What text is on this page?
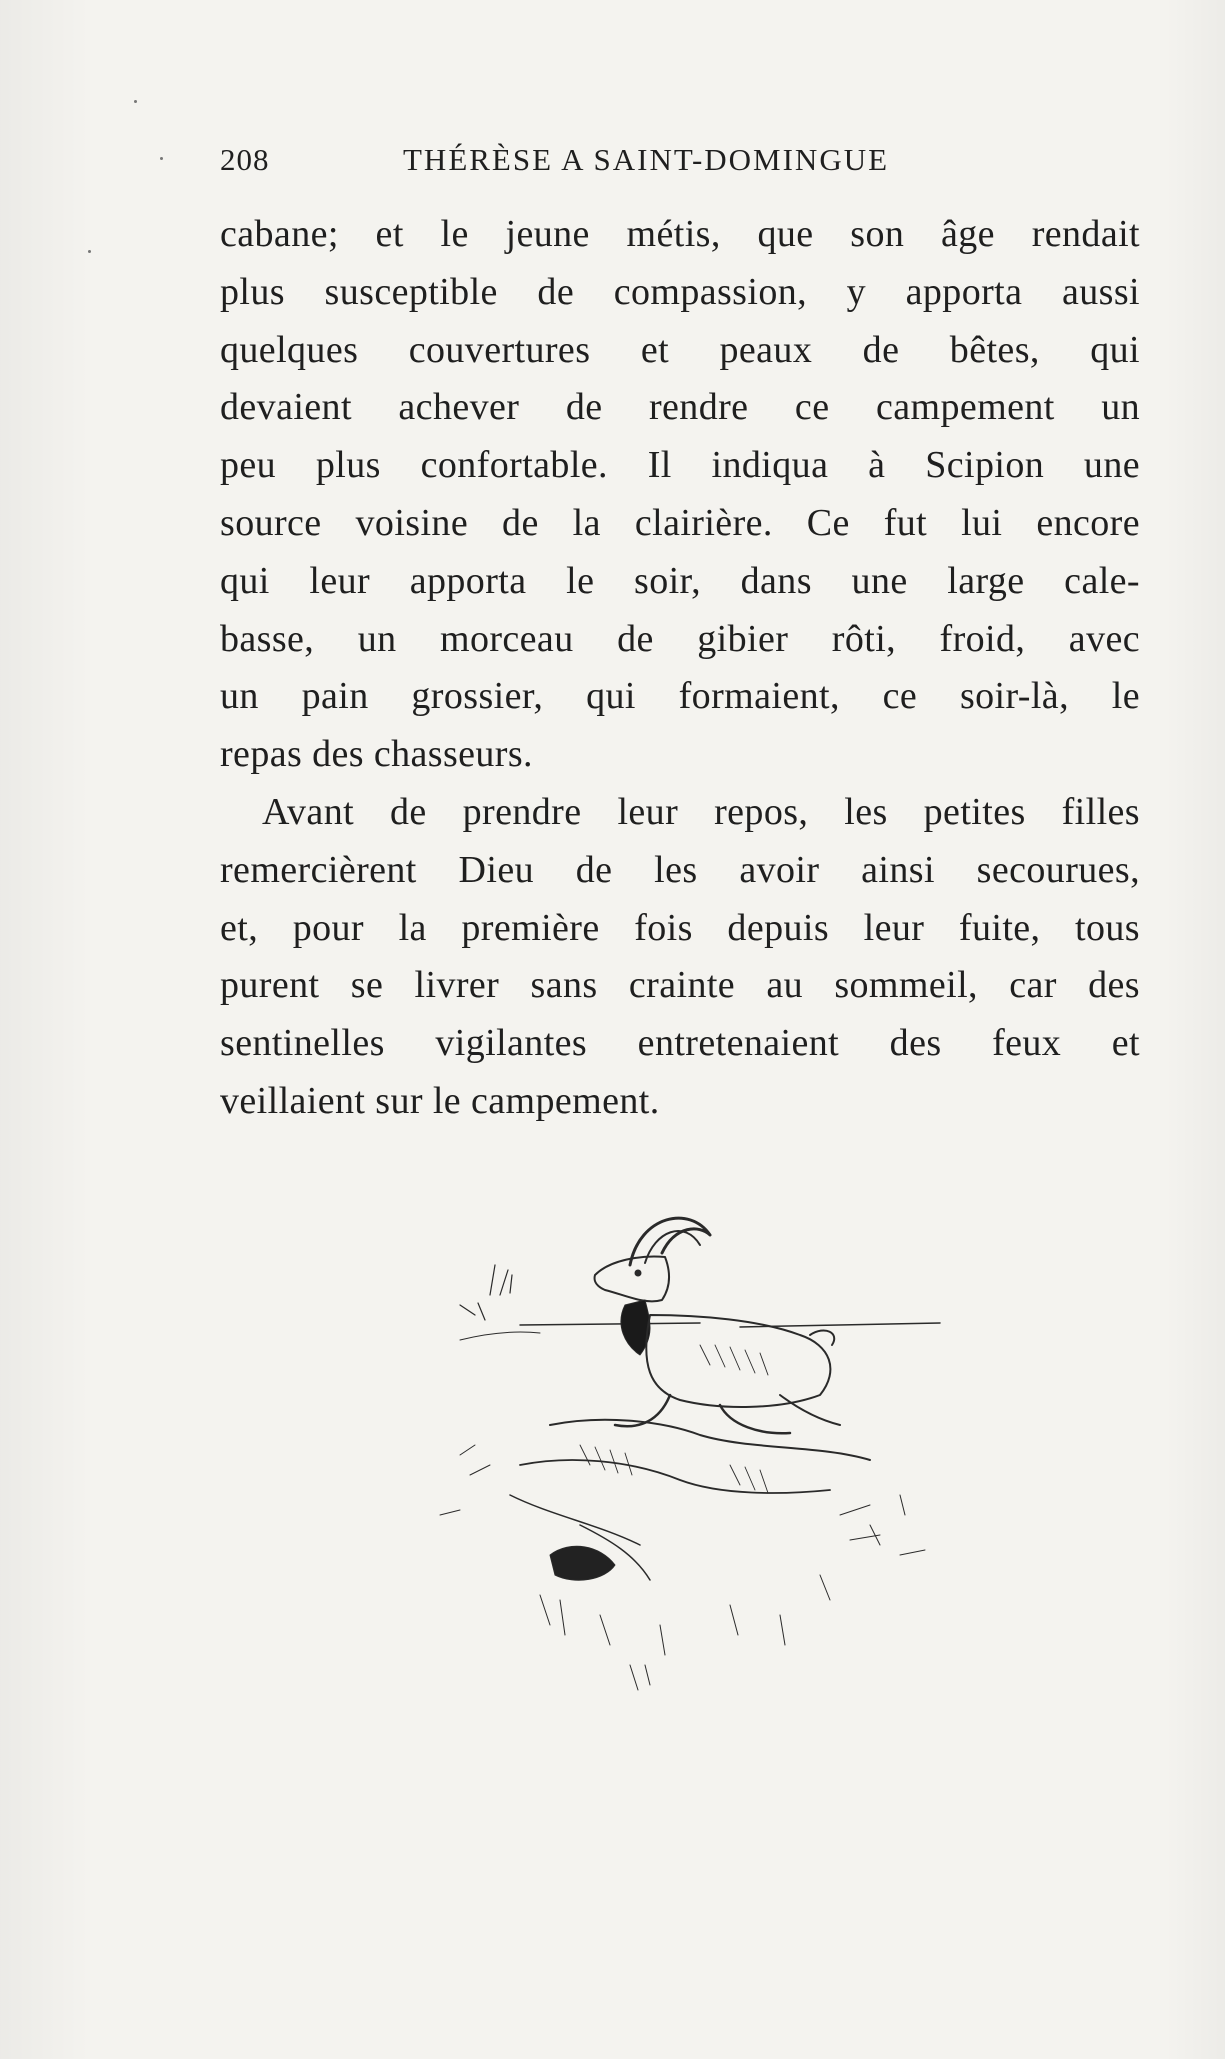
208	THÉRÈSE A SAINT-DOMINGUE
cabane; et le jeune métis, que son âge rendait
plus susceptible de compassion, y apporta aussi
quelques couvertures et peaux de bêtes, qui
devaient achever de rendre ce campement un
peu plus confortable. Il indiqua à Scipion une
source voisine de la clairière. Ce fut lui encore
qui leur apporta le soir, dans une large cale-
basse, un morceau de gibier rôti, froid, avec
un pain grossier, qui formaient, ce soir-là, le
repas des chasseurs.
Avant de prendre leur repos, les petites filles
remercièrent Dieu de les avoir ainsi secourues,
et, pour la première fois depuis leur fuite, tous
purent se livrer sans crainte au sommeil, car des
sentinelles vigilantes entretenaient des feux et
veillaient sur le campement.
